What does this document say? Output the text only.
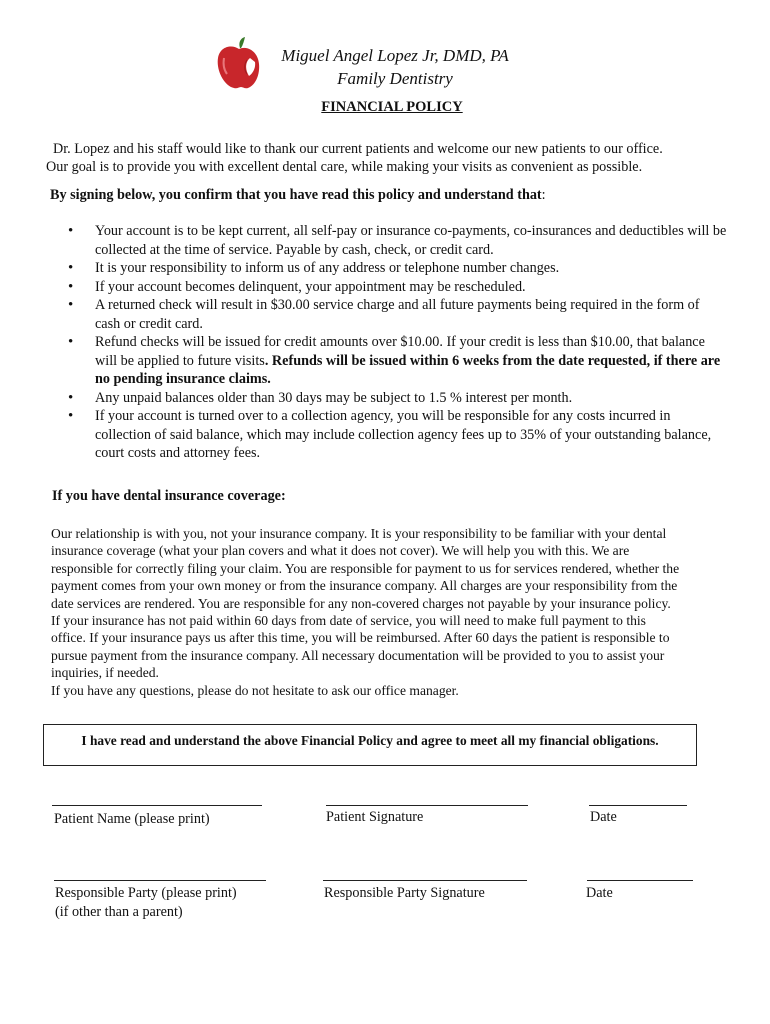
Miguel Angel Lopez Jr, DMD, PA
Family Dentistry
FINANCIAL POLICY
Dr. Lopez and his staff would like to thank our current patients and welcome our new patients to our office.
Our goal is to provide you with excellent dental care, while making your visits as convenient as possible.
By signing below, you confirm that you have read this policy and understand that:
• Your account is to be kept current, all self-pay or insurance co-payments, co-insurances and deductibles will be collected at the time of service. Payable by cash, check, or credit card.
• It is your responsibility to inform us of any address or telephone number changes.
• If your account becomes delinquent, your appointment may be rescheduled.
• A returned check will result in $30.00 service charge and all future payments being required in the form of cash or credit card.
• Refund checks will be issued for credit amounts over $10.00. If your credit is less than $10.00, that balance will be applied to future visits. Refunds will be issued within 6 weeks from the date requested, if there are no pending insurance claims.
• Any unpaid balances older than 30 days may be subject to 1.5 % interest per month.
• If your account is turned over to a collection agency, you will be responsible for any costs incurred in collection of said balance, which may include collection agency fees up to 35% of your outstanding balance, court costs and attorney fees.
If you have dental insurance coverage:
Our relationship is with you, not your insurance company. It is your responsibility to be familiar with your dental insurance coverage (what your plan covers and what it does not cover). We will help you with this. We are responsible for correctly filing your claim. You are responsible for payment to us for services rendered, whether the payment comes from your own money or from the insurance company. All charges are your responsibility from the date services are rendered. You are responsible for any non-covered charges not payable by your insurance policy.
If your insurance has not paid within 60 days from date of service, you will need to make full payment to this office. If your insurance pays us after this time, you will be reimbursed. After 60 days the patient is responsible to pursue payment from the insurance company. All necessary documentation will be provided to you to assist your inquiries, if needed.
If you have any questions, please do not hesitate to ask our office manager.
I have read and understand the above Financial Policy and agree to meet all my financial obligations.
Patient Name (please print)	Patient Signature	Date
Responsible Party (please print)
(if other than a parent)
Responsible Party Signature	Date
